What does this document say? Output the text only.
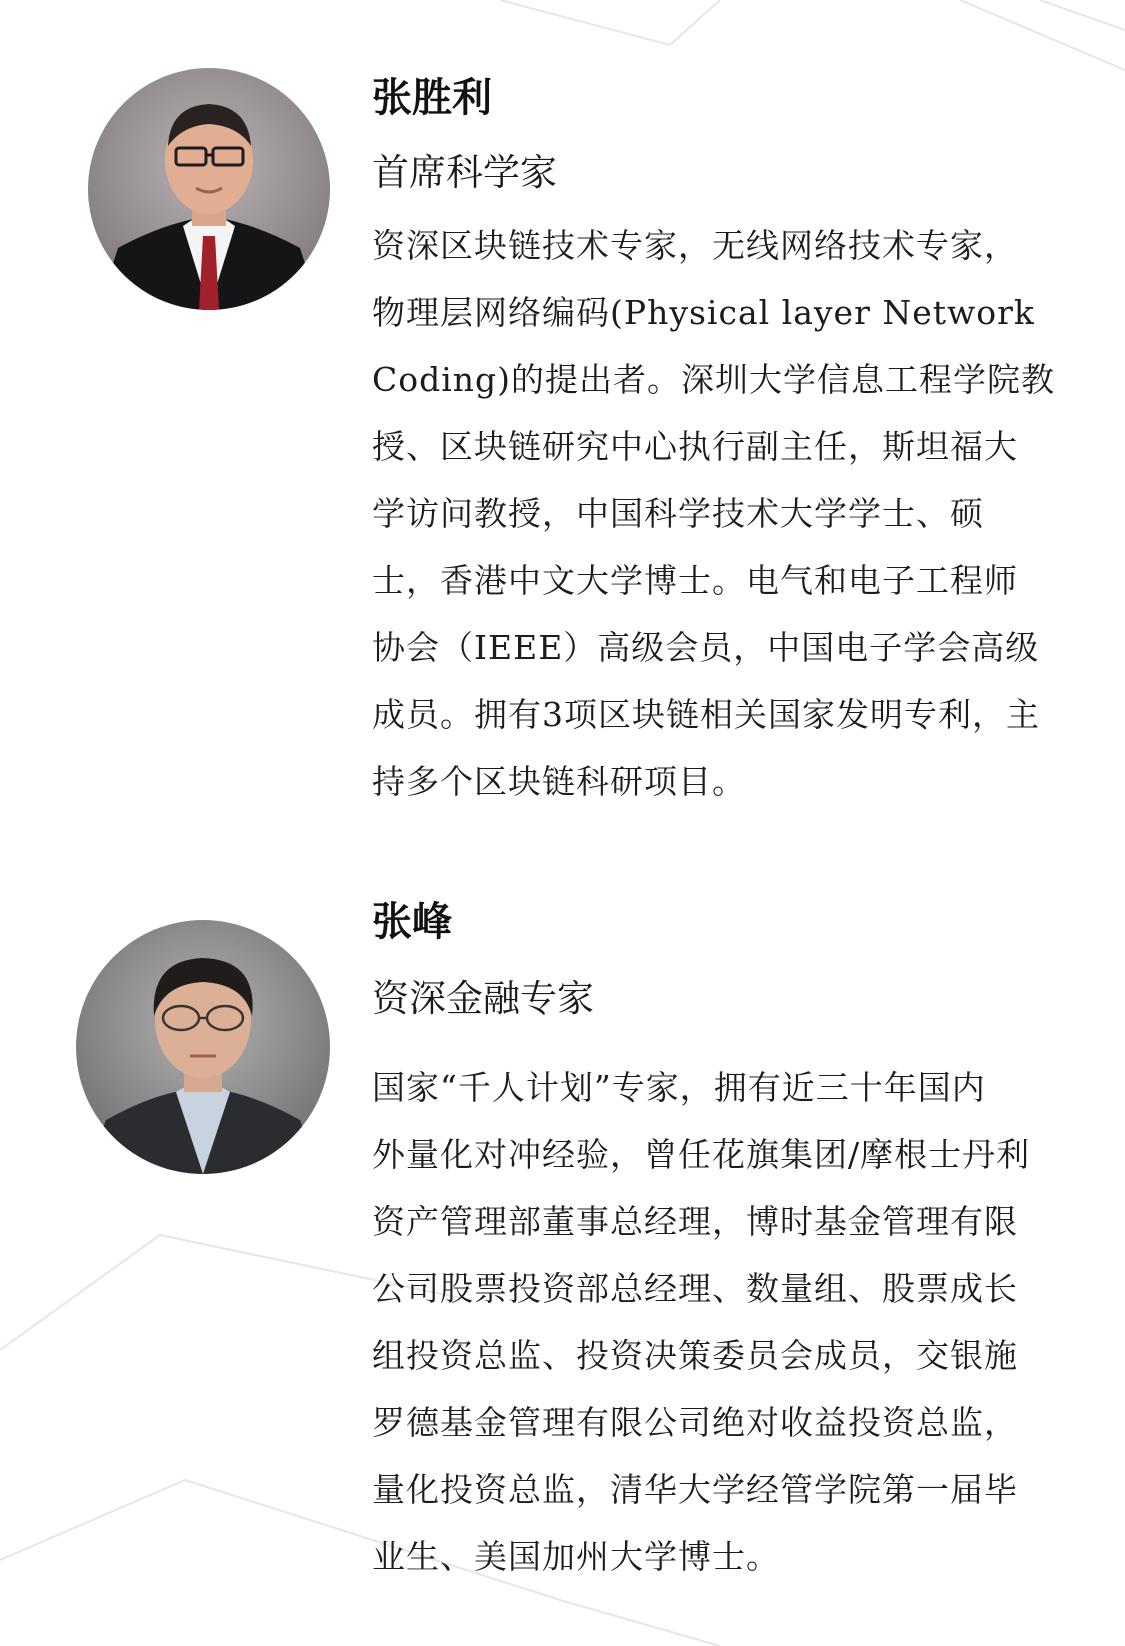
张胜利

首席科学家

资深区块链技术专家，无线网络技术专家，
物理层网络编码(Physical layer Network
Coding)的提出者。深圳大学信息工程学院教
授、区块链研究中心执行副主任，斯坦福大
学访问教授，中国科学技术大学学士、硕
士，香港中文大学博士。电气和电子工程师
协会（IEEE）高级会员，中国电子学会高级
成员。拥有3项区块链相关国家发明专利，主
持多个区块链科研项目。

张峰

资深金融专家

国家“千人计划”专家，拥有近三十年国内
外量化对冲经验，曾任花旗集团/摩根士丹利
资产管理部董事总经理，博时基金管理有限
公司股票投资部总经理、数量组、股票成长
组投资总监、投资决策委员会成员，交银施
罗德基金管理有限公司绝对收益投资总监，
量化投资总监，清华大学经管学院第一届毕
业生、美国加州大学博士。
